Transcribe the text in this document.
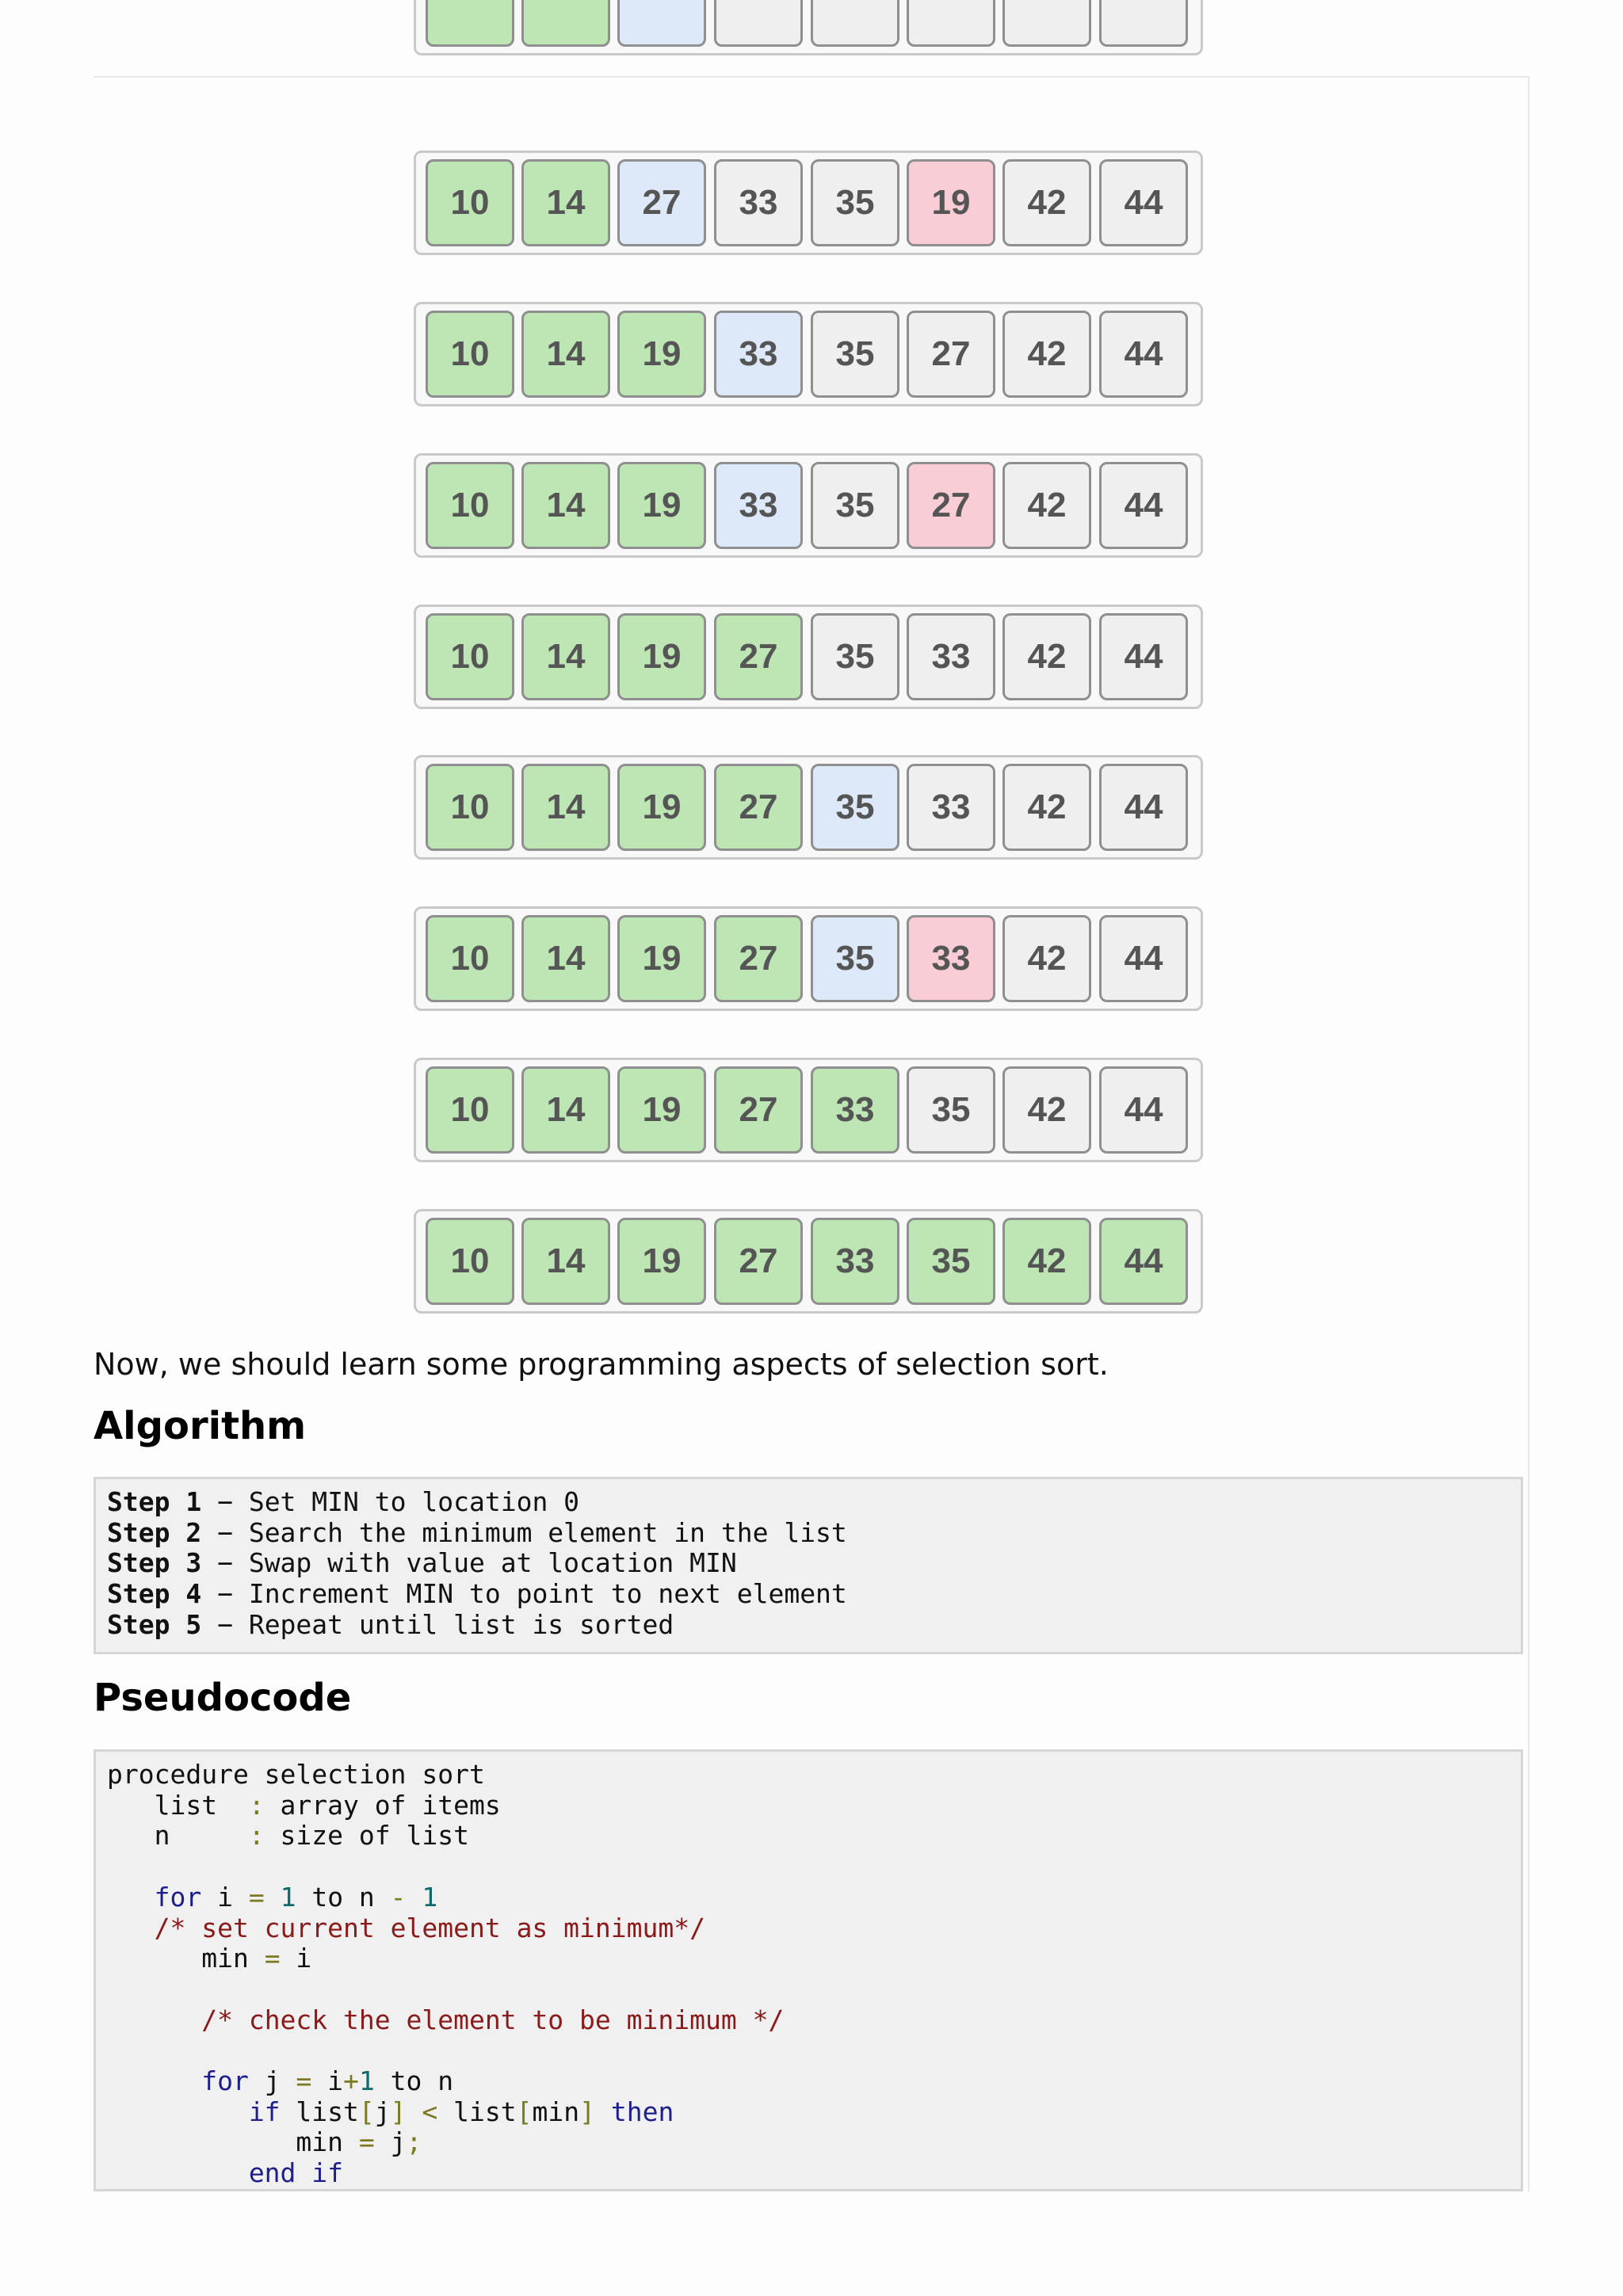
10	14	27	33	35	19	42	44
10	14	19	33	35	27	42	44
10	14	19	33	35	27	42	44
10	14	19	27	35	33	42	44
10	14	19	27	35	33	42	44
10	14	19	27	35	33	42	44
10	14	19	27	33	35	42	44
10	14	19	27	33	35	42	44

Now, we should learn some programming aspects of selection sort.

Algorithm
Step 1 − Set MIN to location 0
Step 2 − Search the minimum element in the list
Step 3 − Swap with value at location MIN
Step 4 − Increment MIN to point to next element
Step 5 − Repeat until list is sorted
Pseudocode
procedure selection sort
list  : array of items
n     : size of list
for i = 1 to n - 1
/* set current element as minimum*/
min = i
/* check the element to be minimum */
for j = i+1 to n
if list[j] < list[min] then
min = j;
end if
